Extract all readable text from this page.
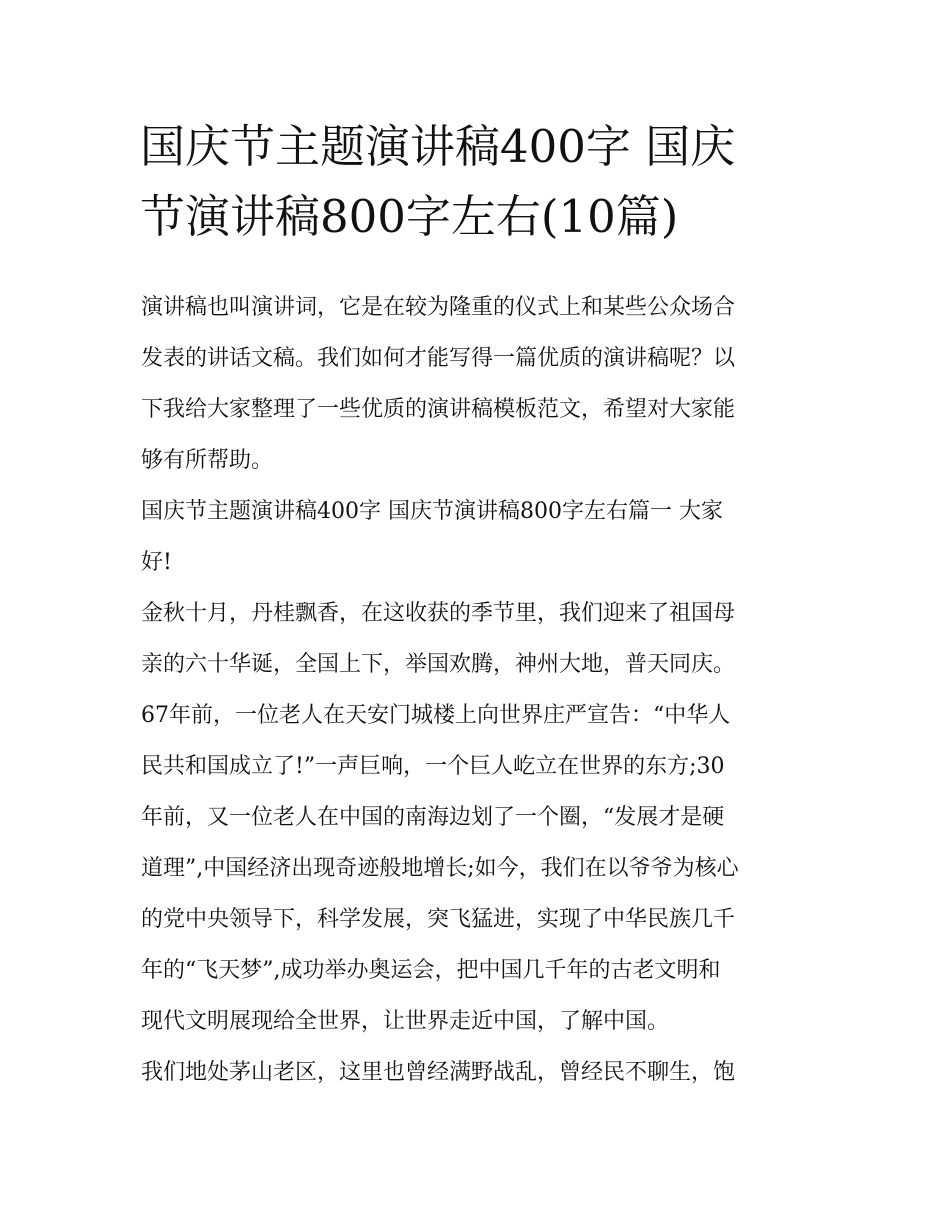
国庆节主题演讲稿400字 国庆
节演讲稿800字左右(10篇)
演讲稿也叫演讲词，它是在较为隆重的仪式上和某些公众场合
发表的讲话文稿。我们如何才能写得一篇优质的演讲稿呢？以
下我给大家整理了一些优质的演讲稿模板范文，希望对大家能
够有所帮助。
国庆节主题演讲稿400字 国庆节演讲稿800字左右篇一 大家
好!
金秋十月，丹桂飘香，在这收获的季节里，我们迎来了祖国母
亲的六十华诞，全国上下，举国欢腾，神州大地，普天同庆。
67年前，一位老人在天安门城楼上向世界庄严宣告：“中华人
民共和国成立了!”一声巨响，一个巨人屹立在世界的东方;30
年前，又一位老人在中国的南海边划了一个圈，“发展才是硬
道理”,中国经济出现奇迹般地增长;如今，我们在以爷爷为核心
的党中央领导下，科学发展，突飞猛进，实现了中华民族几千
年的“飞天梦”,成功举办奥运会，把中国几千年的古老文明和
现代文明展现给全世界，让世界走近中国，了解中国。
我们地处茅山老区，这里也曾经满野战乱，曾经民不聊生，饱
